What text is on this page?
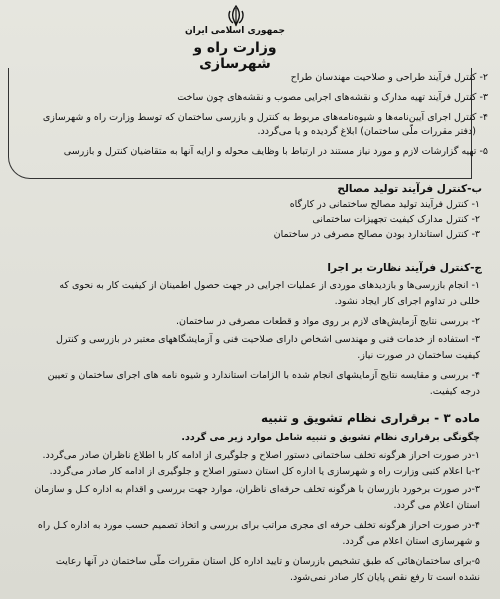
جمهوری اسلامی ایران
وزارت راه و شهرسازی
۲- کنترل فرآیند طراحی و صلاحیت مهندسان طراح
۳- کنترل فرآیند تهیه مدارک و نقشه‌های اجرایی مصوب و نقشه‌های چون ساخت
۴- کنترل اجرای آیین‌نامه‌ها و شیوه‌نامه‌های مربوط به کنترل و بازرسی ساختمان که توسط وزارت راه و شهرسازی
(دفتر مقررات ملّی ساختمان) ابلاغ گردیده و یا می‌گردد.
۵- تهیه گزارشات لازم و مورد نیاز مستند در ارتباط با وظایف محوله و ارایه آنها به متقاضیان کنترل و بازرسی
ب-کنترل فرآیند تولید مصالح
۱- کنترل فرآیند تولید مصالح ساختمانی در کارگاه
۲- کنترل مدارک کیفیت تجهیزات ساختمانی
۳- کنترل استاندارد بودن مصالح مصرفی در ساختمان
ج-کنترل فرآیند نظارت بر اجرا
۱- انجام بازرسی‌ها و بازدیدهای موردی از عملیات اجرایی در جهت حصول اطمینان از کیفیت کار به نحوی که
خللی در تداوم اجرای کار ایجاد نشود.
۲- بررسی نتایج آزمایش‌های لازم بر روی مواد و قطعات مصرفی در ساختمان.
۳- استفاده از خدمات فنی و مهندسی اشخاص دارای صلاحیت فنی و آزمایشگاههای معتبر در بازرسی و کنترل
کیفیت ساختمان در صورت نیاز.
۴- بررسی و مقایسه نتایج آزمایشهای انجام شده با الزامات استاندارد و شیوه نامه های اجرای ساختمان و تعیین
درجه کیفیت.
ماده ۳ - برقراری نظام تشویق و تنبیه
چگونگی برقراری نظام تشویق و تنبیه شامل موارد زیر می گردد.
۱-در صورت احراز هرگونه تخلف ساختمانی دستور اصلاح و جلوگیری از ادامه کار با اطلاع ناظران صادر می‌گردد.
۲-با اعلام کتبی وزارت راه و شهرسازی یا اداره کل استان دستور اصلاح و جلوگیری از ادامه کار صادر می‌گردد.
۳-در صورت برخورد بازرسان با هرگونه تخلف حرفه‌ای ناظران، موارد جهت بررسی و اقدام به اداره کـل و سازمان
استان اعلام می گردد.
۴-در صورت احراز هرگونه تخلف حرفه ای مجری مراتب برای بررسی و اتخاذ تصمیم حسب مورد به اداره کـل راه
و شهرسازی استان اعلام می گردد.
۵-برای ساختمان‌هائی که طبق تشخیص بازرسان و تایید اداره کل استان مقررات ملّی ساختمان در آنها رعایت
نشده است تا رفع نقص پایان کار صادر نمی‌شود.
